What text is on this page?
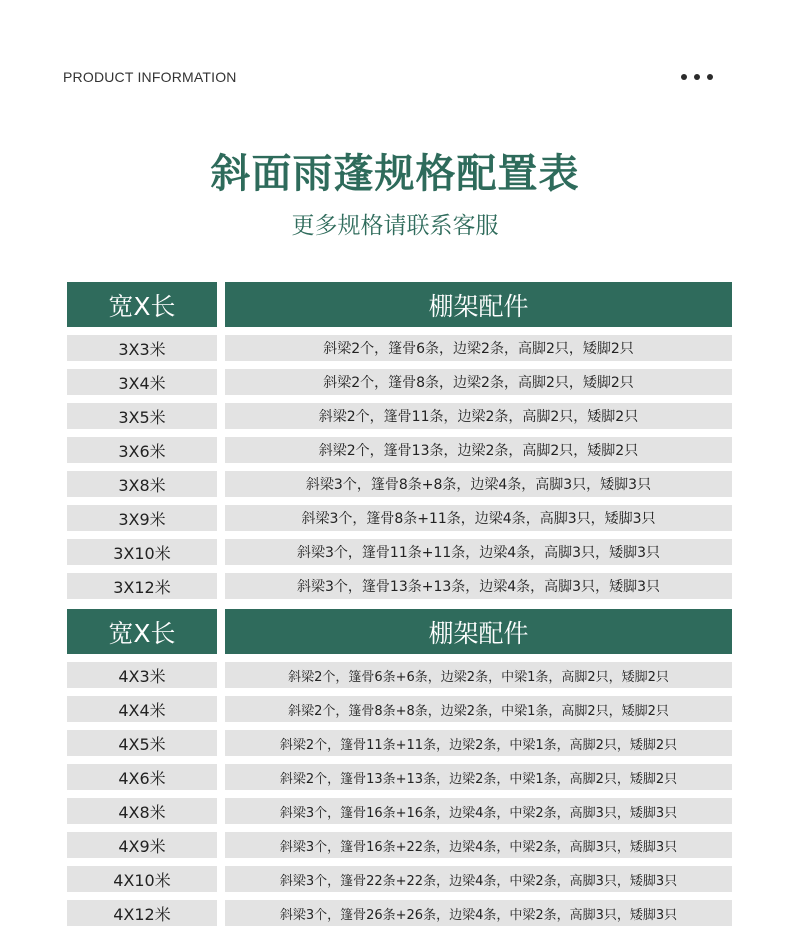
PRODUCT INFORMATION
斜面雨蓬规格配置表
更多规格请联系客服
宽X长	棚架配件
3X3米	斜梁2个，篷骨6条，边梁2条，高脚2只，矮脚2只
3X4米	斜梁2个，篷骨8条，边梁2条，高脚2只，矮脚2只
3X5米	斜梁2个，篷骨11条，边梁2条，高脚2只，矮脚2只
3X6米	斜梁2个，篷骨13条，边梁2条，高脚2只，矮脚2只
3X8米	斜梁3个，篷骨8条+8条，边梁4条，高脚3只，矮脚3只
3X9米	斜梁3个，篷骨8条+11条，边梁4条，高脚3只，矮脚3只
3X10米	斜梁3个，篷骨11条+11条，边梁4条，高脚3只，矮脚3只
3X12米	斜梁3个，篷骨13条+13条，边梁4条，高脚3只，矮脚3只
宽X长	棚架配件
4X3米	斜梁2个，篷骨6条+6条，边梁2条，中梁1条，高脚2只，矮脚2只
4X4米	斜梁2个，篷骨8条+8条，边梁2条，中梁1条，高脚2只，矮脚2只
4X5米	斜梁2个，篷骨11条+11条，边梁2条，中梁1条，高脚2只，矮脚2只
4X6米	斜梁2个，篷骨13条+13条，边梁2条，中梁1条，高脚2只，矮脚2只
4X8米	斜梁3个，篷骨16条+16条，边梁4条，中梁2条，高脚3只，矮脚3只
4X9米	斜梁3个，篷骨16条+22条，边梁4条，中梁2条，高脚3只，矮脚3只
4X10米	斜梁3个，篷骨22条+22条，边梁4条，中梁2条，高脚3只，矮脚3只
4X12米	斜梁3个，篷骨26条+26条，边梁4条，中梁2条，高脚3只，矮脚3只
